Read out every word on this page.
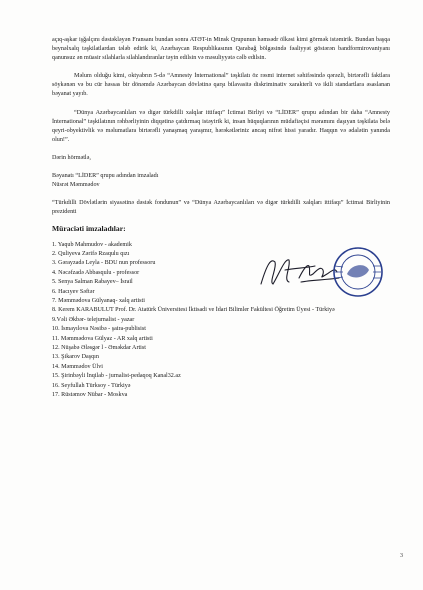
açıq-aşkar işğalçını dəstəkləyən Fransanı bundan sonra ATƏT-in Minsk Qrupunun həmsədr ölkəsi kimi görmək istəmirik. Bundan başqa beynəlxalq təşkilatlardan tələb edirik ki, Azərbaycan Respublikasının Qarabağ bölgəsində fəaliyyət göstərən bandformirovaniyanı qanunsuz ən müasir silahlarla silahlandıranlar təyin edilsin və məsuliyyətə cəlb edilsin.

Məlum olduğu kimi, oktyabrın 5-də “Amnesty İnternational” təşkilatı öz rəsmi internet səhifəsində qərəzli, birtərəfli faktlara söykənən və bu cür həssas bir dönəmdə Azərbaycan dövlətinə qarşı bilavasitə diskriminativ xarakterli və ikili standartlara əsaslanan bəyanat yayıb.

“Dünya Azərbaycanlıları və digər türkdilli xalqlar ittifaqı” İctimai Birliyi və “LİDER” qrupu adından bir daha “Amnesty İnternational” təşkilatının rəhbərliyinin diqqətinə çatdırmaq istəyirik ki, insan hüquqlarının müdafiəçisi məramını daşıyan təşkilata belə qeyri-obyektivlik və məlumatlara birtərəfli yanaşmaq yaraşmır, hərəkətləriniz ancaq nifrət hissi yaradır. Haqqın və ədalətin yanında olun!”.

Dərin hörmətlə,

Bəyanatı “LİDER” qrupu adından imzaladı

Nüsrət Məmmədov

“Türkdilli Dövlətlərin siyasətinə dəstək fondunun” və “Dünya Azərbaycanlıları və digər türkdilli xalqları ittifaqı” İctimai Birliyinin prezidenti

Müraciəti imzaladılar:
1. Yaqub Mahmudov - akademik
2. Quliyeva Zərifə Rzaqulu qızı
3. Gərayzadə Leyla - BDU nun professoru
4. Nəcəfzadə Abbasqulu - professor
5. Senya Salman Rabayev– İsrail
6. Hacıyev Səftər
7. Məmmədova Gülyanaq- xalq artisti
8. Kerem KARABULUT Prof. Dr. Atatürk Üniversitesi İktisadi ve İdari Bilimler Fakültesi Öğretim Üyesi - Türkiyə
9.Vəli Əkbər- teleјurnalist - yazar
10. İsmayılova Nəsibə - şaira-publisist
11. Məmmədova Gülyaz - AR xalq artisti
12. Nüşabə Ələsgər l - Əməkdar Artist
13. Şikarov Daşqın
14. Məmmədov Ülvi
15. Şirinbəyli İnqilab - jurnalist-pedaqoq Kanal32.az
16. Seyfullah Türksoy - Türkiyə
17. Rüstəmov Nübar - Moskva
3
